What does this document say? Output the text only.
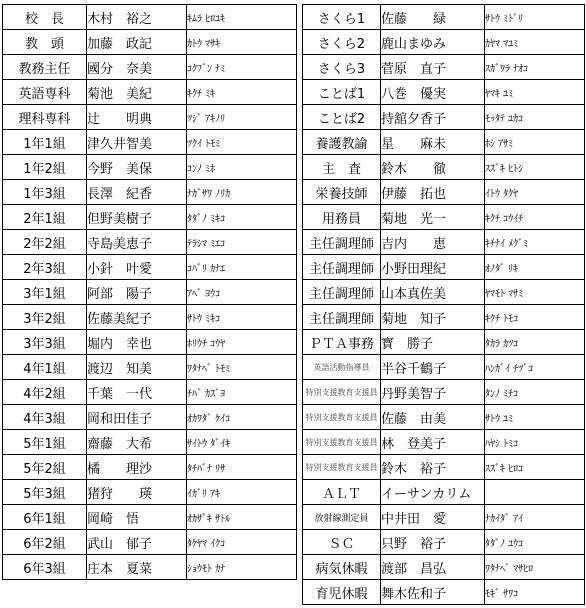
校　長	木村　裕之	ｷﾑﾗ ﾋﾛﾕｷ
教　頭	加藤　政記	ｶﾄｳ ﾏｻｷ
教務主任	國分　奈美	ｺｸﾌﾞﾝ ﾅﾐ
英語専科	菊池　美紀	ｷｸﾁ ﾐｷ
理科専科	辻　　明典	ﾂｼﾞ ｱｷﾉﾘ
1年1組	津久井智美	ﾂｸｲ ﾄﾓﾐ
1年2組	今野　美保	ｺﾝﾉ ﾐﾎ
1年3組	長澤　紀香	ﾅｶﾞｻﾜ ﾉﾘｶ
2年1組	但野美樹子	ﾀﾀﾞﾉ ﾐｷｺ
2年2組	寺島美恵子	ﾃﾗｼﾏ ﾐｴｺ
2年3組	小針　叶愛	ｺﾊﾞﾘ ｶﾅｴ
3年1組	阿部　陽子	ｱﾍﾞ ﾖｳｺ
3年2組	佐藤美紀子	ｻﾄｳ ﾐｷｺ
3年3組	堀内　幸也	ﾎﾘｳﾁ ｺｳﾔ
4年1組	渡辺　知美	ﾜﾀﾅﾍﾞ ﾄﾓﾐ
4年2組	千葉　一代	ﾁﾊﾞ ｶｽﾞﾖ
4年3組	岡和田佳子	ｵｶﾜﾀﾞ ｹｲｺ
5年1組	齋藤　大希	ｻｲﾄｳ ﾀﾞｲｷ
5年2組	橘　　理沙	ﾀﾁﾊﾞﾅ ﾘｻ
5年3組	猪狩　　瑛	ｲｶﾞﾘ ｱｷ
6年1組	岡崎　悟	ｵｶｻﾞｷ ｻﾄﾙ
6年2組	武山　郁子	ﾀｹﾔﾏ ｲｸｺ
6年3組	庄本　夏菜	ｼｮｳﾓﾄ ｶﾅ
さくら1	佐藤　　緑	ｻﾄｳ ﾐﾄﾞﾘ
さくら2	鹿山まゆみ	ｶﾔﾏ ﾏﾕﾐ
さくら3	菅原　直子	ｽｶﾞﾜﾗ ﾅｵｺ
ことば1	八巻　優実	ﾔﾏｷ ﾕﾐ
ことば2	持舘夕香子	ﾓｯﾀﾃ ﾕｶｺ
養護教諭	星　　麻未	ﾎｼ ｱｻﾐ
主　査	鈴木　　徹	ｽｽﾞｷ ﾋﾄｼ
栄養技師	伊藤　拓也	ｲﾄｳ ﾀｸﾔ
用務員	菊地　光一	ｷｸﾁ ｺｳｲﾁ
主任調理師	吉内　　恵	ｷﾁﾅｲ ﾒｸﾞﾐ
主任調理師	小野田理紀	ｵﾉﾀﾞ ﾘｷ
主任調理師	山本真佐美	ﾔﾏﾓﾄ ﾏｻﾐ
主任調理師	菊地　知子	ｷｸﾁ ﾄﾓｺ
ＰＴＡ事務	寳　勝子	ﾀｶﾗ ｶﾂｺ
英語活動指導員	半谷千鶴子	ﾊﾝｶﾞｲ ﾁﾂﾞｺ
特別支援教育支援員	丹野美智子	ﾀﾝﾉ ﾐﾁｺ
特別支援教育支援員	佐藤　由美	ｻﾄｳ ﾕﾐ
特別支援教育支援員	林　登美子	ﾊﾔｼ ﾄﾐｺ
特別支援教育支援員	鈴木　裕子	ｽｽﾞｷ ﾋﾛｺ
ＡＬＴ	イーサンカリム	
放射線測定員	中井田　愛	ﾅｶｲﾀﾞ ｱｲ
ＳＣ	只野　裕子	ﾀﾀﾞﾉ ﾕｳｺ
病気休暇	渡部　昌弘	ﾜﾀﾅﾍﾞ ﾏｻﾋﾛ
育児休暇	舞木佐和子	ﾓｷﾞ ｻﾜｺ
